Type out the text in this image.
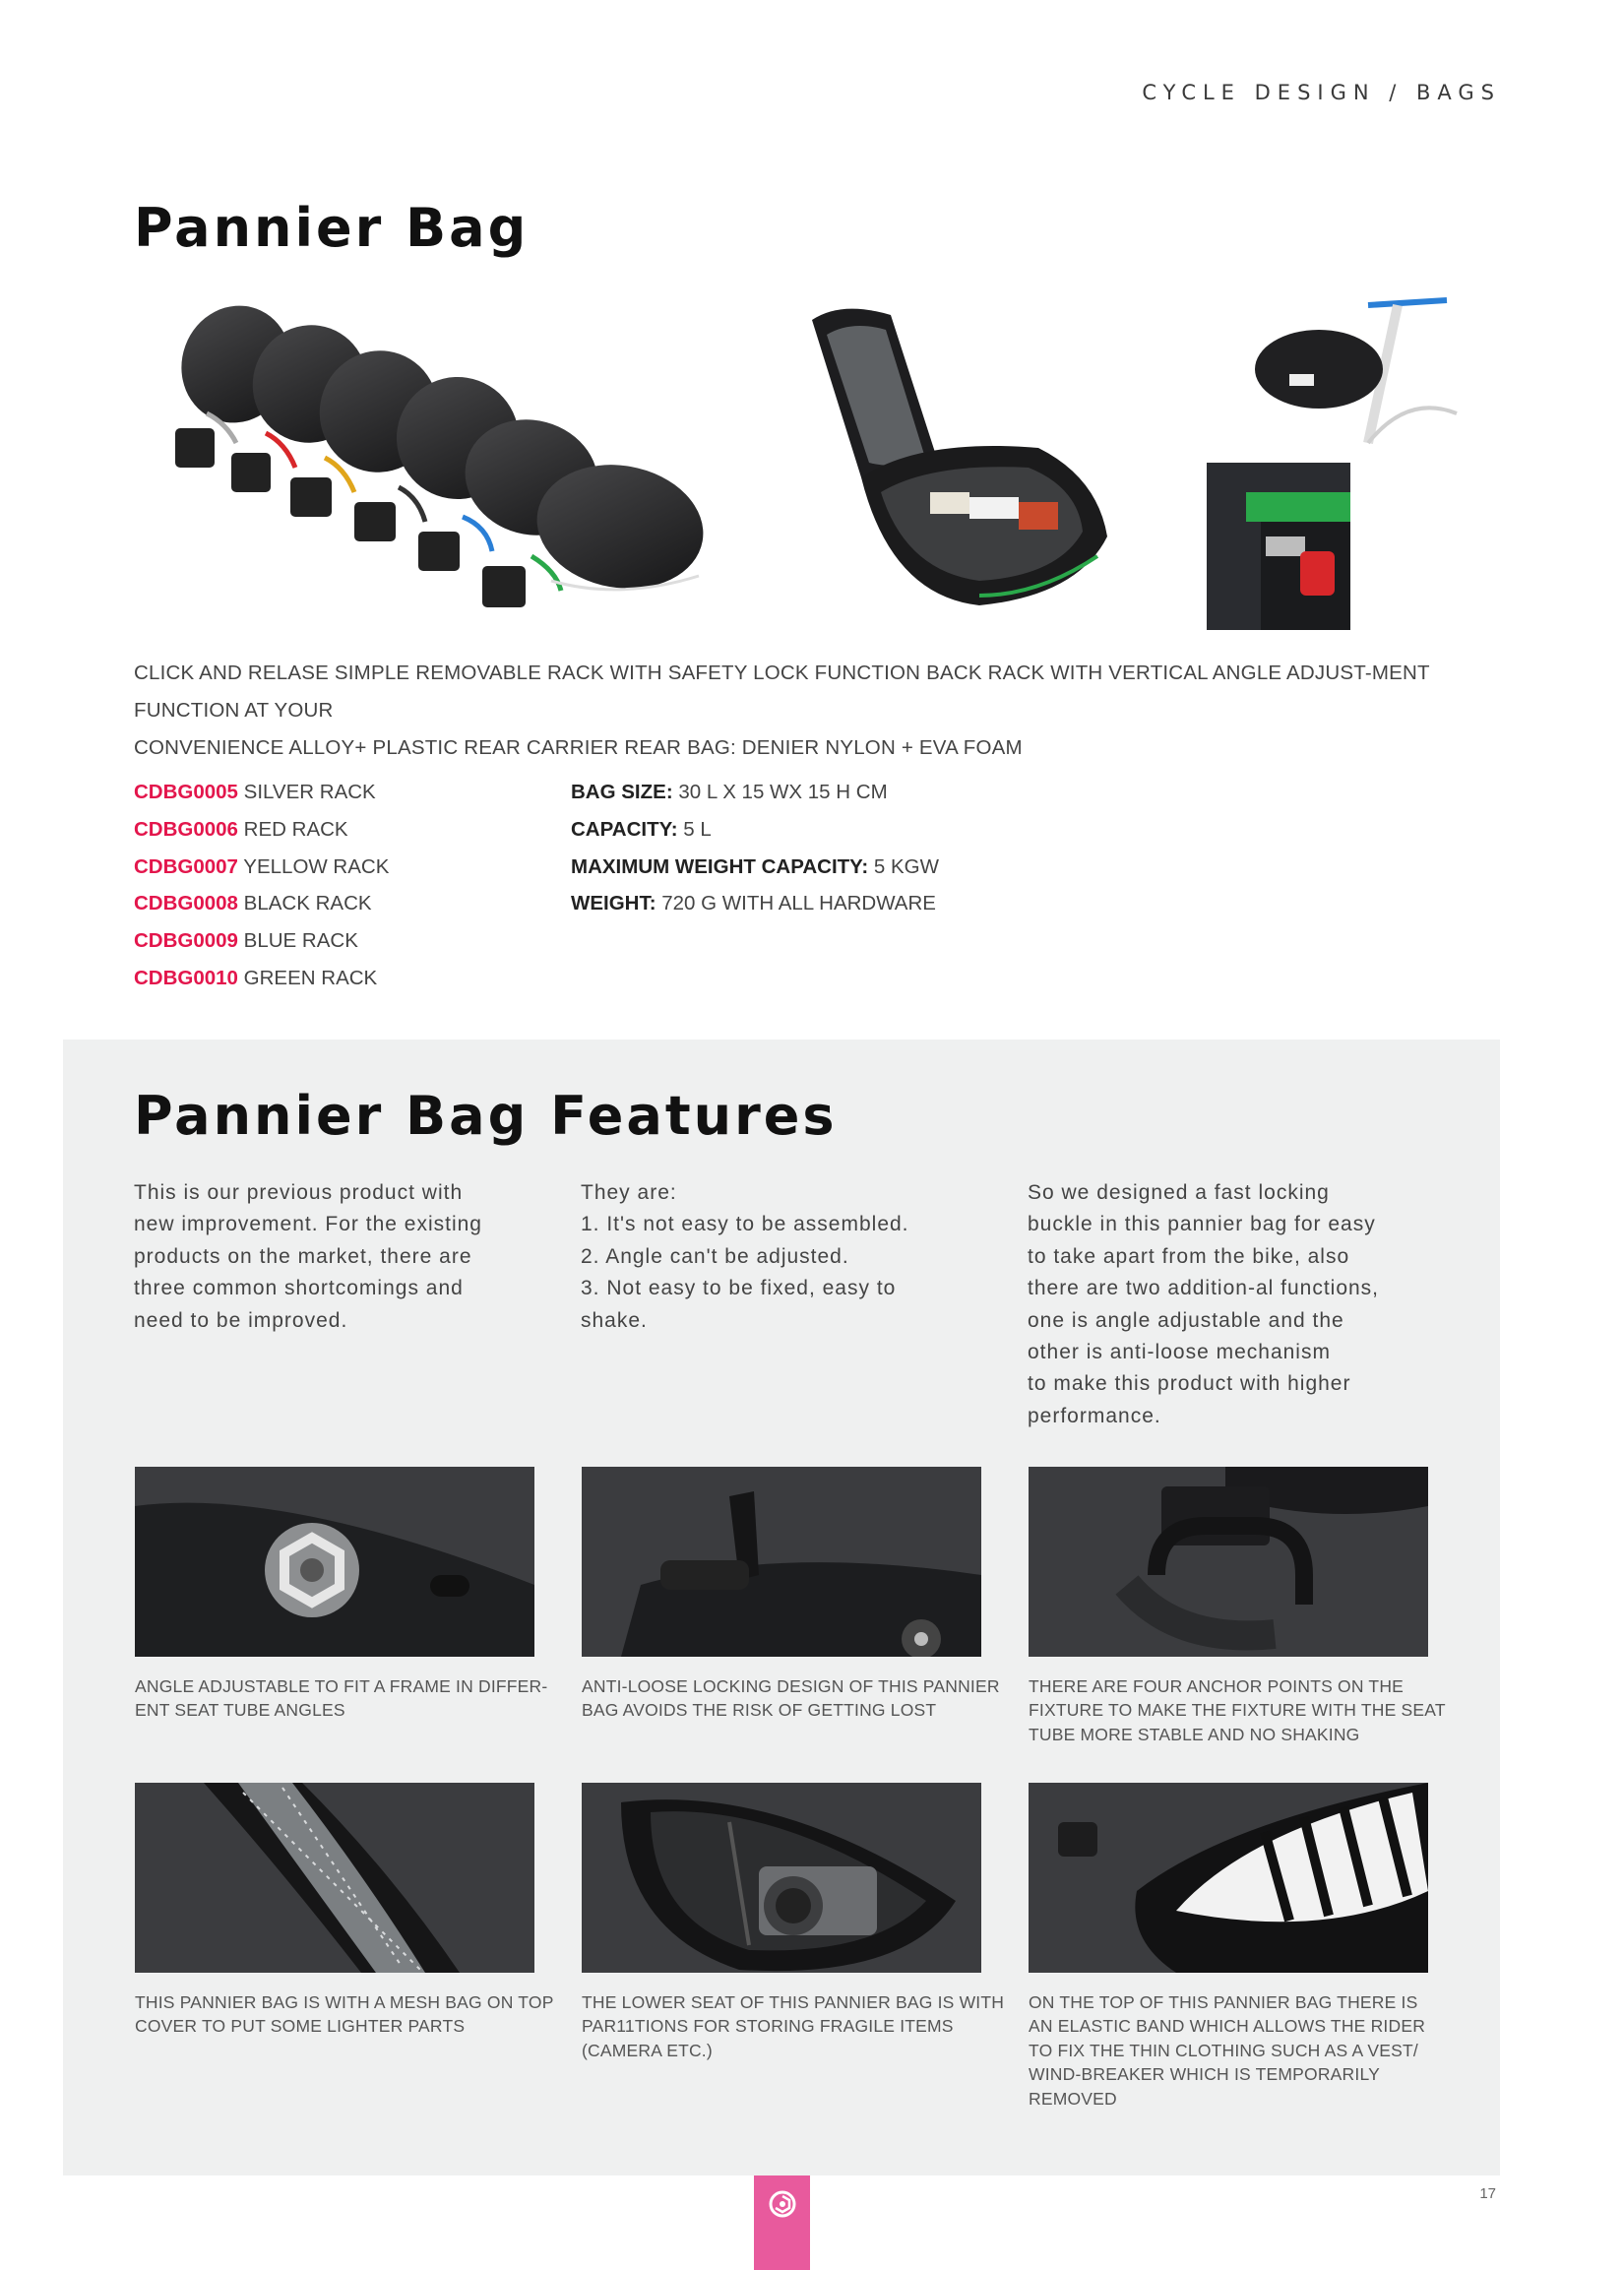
CYCLE DESIGN / BAGS
Pannier Bag
CLICK AND RELASE SIMPLE REMOVABLE RACK WITH SAFETY LOCK FUNCTION BACK RACK WITH VERTICAL ANGLE ADJUST-MENT FUNCTION AT YOUR
CONVENIENCE ALLOY+ PLASTIC REAR CARRIER REAR BAG: DENIER NYLON + EVA FOAM
CDBG0005 SILVER RACK
CDBG0006 RED RACK
CDBG0007 YELLOW RACK
CDBG0008 BLACK RACK
CDBG0009 BLUE RACK
CDBG0010 GREEN RACK
BAG SIZE: 30 L X 15 WX 15 H CM
CAPACITY: 5 L
MAXIMUM WEIGHT CAPACITY: 5 KGW
WEIGHT: 720 G WITH ALL HARDWARE
Pannier Bag Features
This is our previous product with
new improvement. For the existing
products on the market, there are
three common shortcomings and
need to be improved.
They are:
1. It's not easy to be assembled.
2. Angle can't be adjusted.
3. Not easy to be fixed, easy to
shake.
So we designed a fast locking
buckle in this pannier bag for easy
to take apart from the bike, also
there are two addition-al functions,
one is angle adjustable and the
other is anti-loose mechanism
to make this product with higher
performance.
ANGLE ADJUSTABLE TO FIT A FRAME IN DIFFER-
ENT SEAT TUBE ANGLES
ANTI-LOOSE LOCKING DESIGN OF THIS PANNIER
BAG AVOIDS THE RISK OF GETTING LOST
THERE ARE FOUR ANCHOR POINTS ON THE
FIXTURE TO MAKE THE FIXTURE WITH THE SEAT
TUBE MORE STABLE AND NO SHAKING
THIS PANNIER BAG IS WITH A MESH BAG ON TOP
COVER TO PUT SOME LIGHTER PARTS
THE LOWER SEAT OF THIS PANNIER BAG IS WITH
PAR11TIONS FOR STORING FRAGILE ITEMS
(CAMERA ETC.)
ON THE TOP OF THIS PANNIER BAG THERE IS
AN ELASTIC BAND WHICH ALLOWS THE RIDER
TO FIX THE THIN CLOTHING SUCH AS A VEST/
WIND-BREAKER WHICH IS TEMPORARILY
REMOVED
17
